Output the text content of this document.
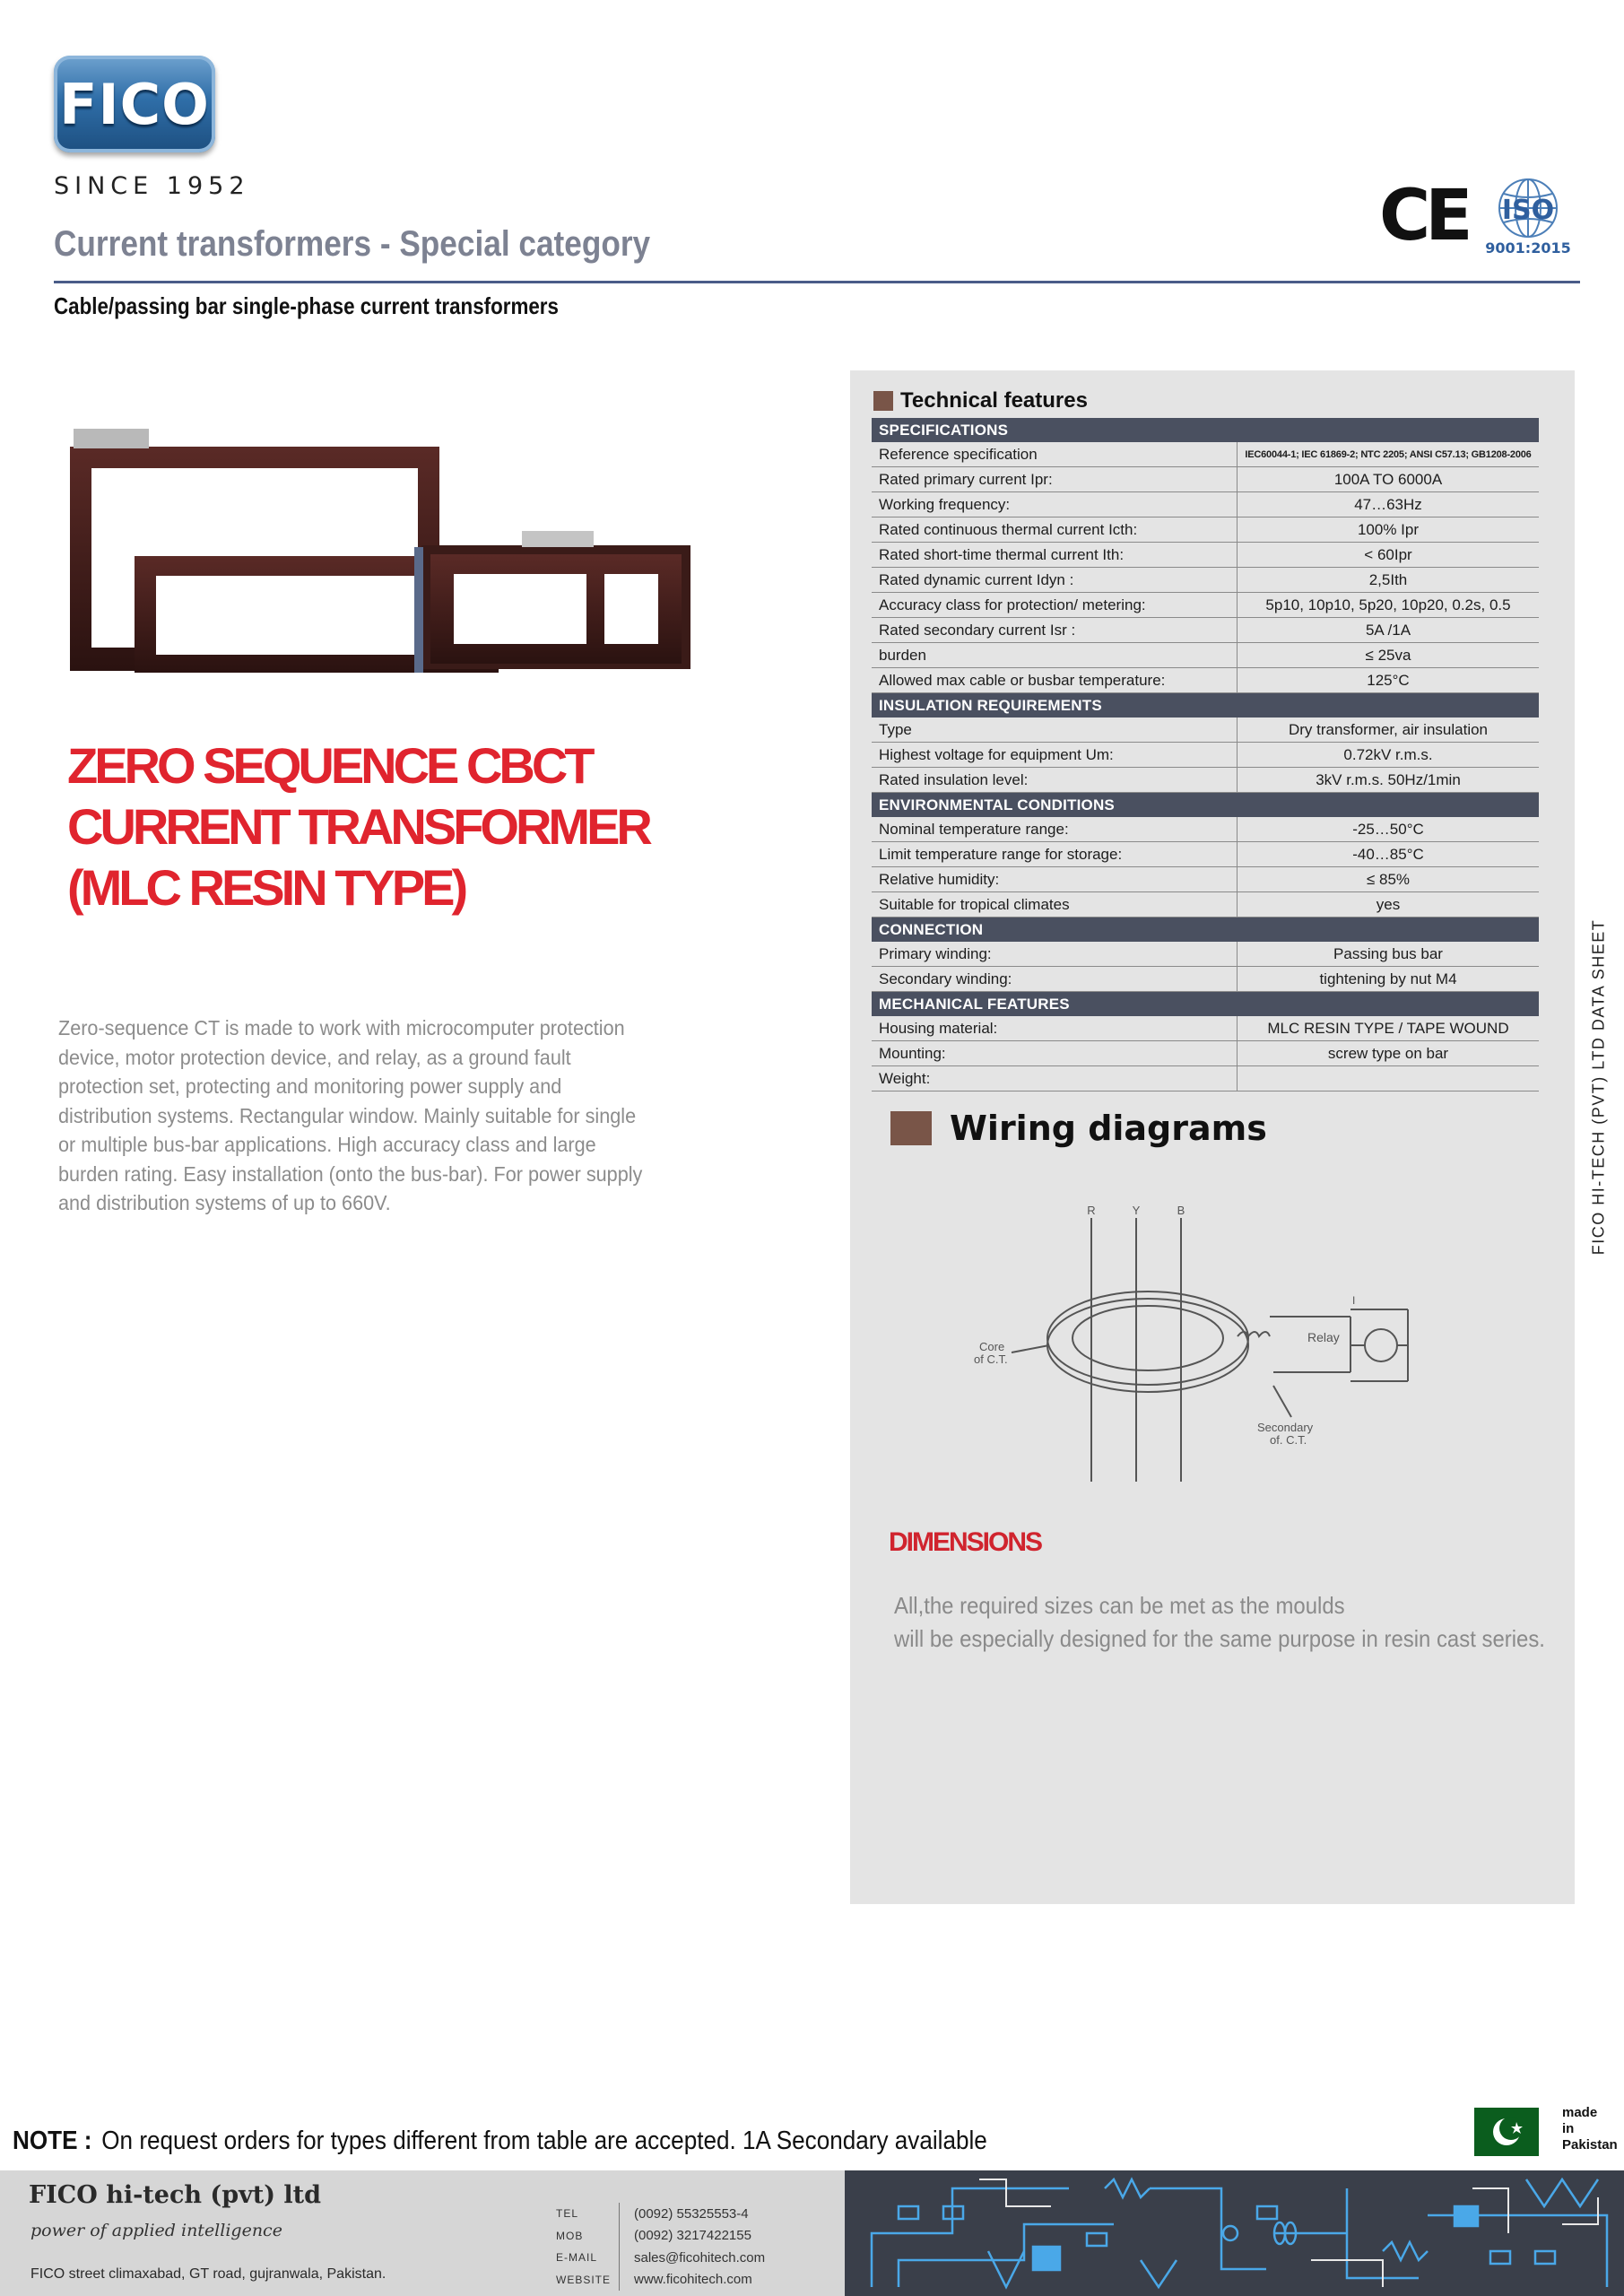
FICO
SINCE 1952
Current transformers - Special category
Cable/passing bar single-phase current transformers
CE ISO
9001:2015
ZERO SEQUENCE CBCT
CURRENT TRANSFORMER
(MLC RESIN TYPE)
Zero-sequence CT is made to work with microcomputer protection device, motor protection device, and relay, as a ground fault protection set, protecting and monitoring power supply and distribution systems. Rectangular window. Mainly suitable for single or multiple bus-bar applications. High accuracy class and large burden rating. Easy installation (onto the bus-bar). For power supply and distribution systems of up to 660V.
Technical features
SPECIFICATIONS
Reference specification	IEC60044-1; IEC 61869-2; NTC 2205; ANSI C57.13; GB1208-2006
Rated primary current Ipr:	100A TO 6000A
Working frequency:	47…63Hz
Rated continuous thermal current Icth:	100% Ipr
Rated short-time thermal current Ith:	< 60Ipr
Rated dynamic current Idyn :	2,5Ith
Accuracy class for protection/ metering:	5p10, 10p10, 5p20, 10p20, 0.2s, 0.5
Rated secondary current Isr :	5A /1A
burden	≤ 25va
Allowed max cable or busbar temperature:	125°C
INSULATION REQUIREMENTS
Type	Dry transformer, air insulation
Highest voltage for equipment Um:	0.72kV r.m.s.
Rated insulation level:	3kV r.m.s. 50Hz/1min
ENVIRONMENTAL CONDITIONS
Nominal temperature range:	-25…50°C
Limit temperature range for storage:	-40…85°C
Relative humidity:	≤ 85%
Suitable for tropical climates	yes
CONNECTION
Primary winding:	Passing bus bar
Secondary winding:	tightening by nut M4
MECHANICAL FEATURES
Housing material:	MLC RESIN TYPE / TAPE WOUND
Mounting:	screw type on bar
Weight:
Wiring diagrams
R	Y	B
Core
of C.T.
Relay
I
Secondary
of. C.T.
DIMENSIONS
All,the required sizes can be met as the moulds
will be especially designed for the same purpose in resin cast series.
FICO HI-TECH (PVT) LTD DATA SHEET
NOTE : On request orders for types different from table are accepted. 1A Secondary available
made
in
Pakistan
FICO hi-tech (pvt) ltd
power of applied intelligence
FICO street climaxabad, GT road, gujranwala, Pakistan.
TEL	(0092) 55325553-4
MOB	(0092) 3217422155
E-MAIL	sales@ficohitech.com
WEBSITE	www.ficohitech.com
